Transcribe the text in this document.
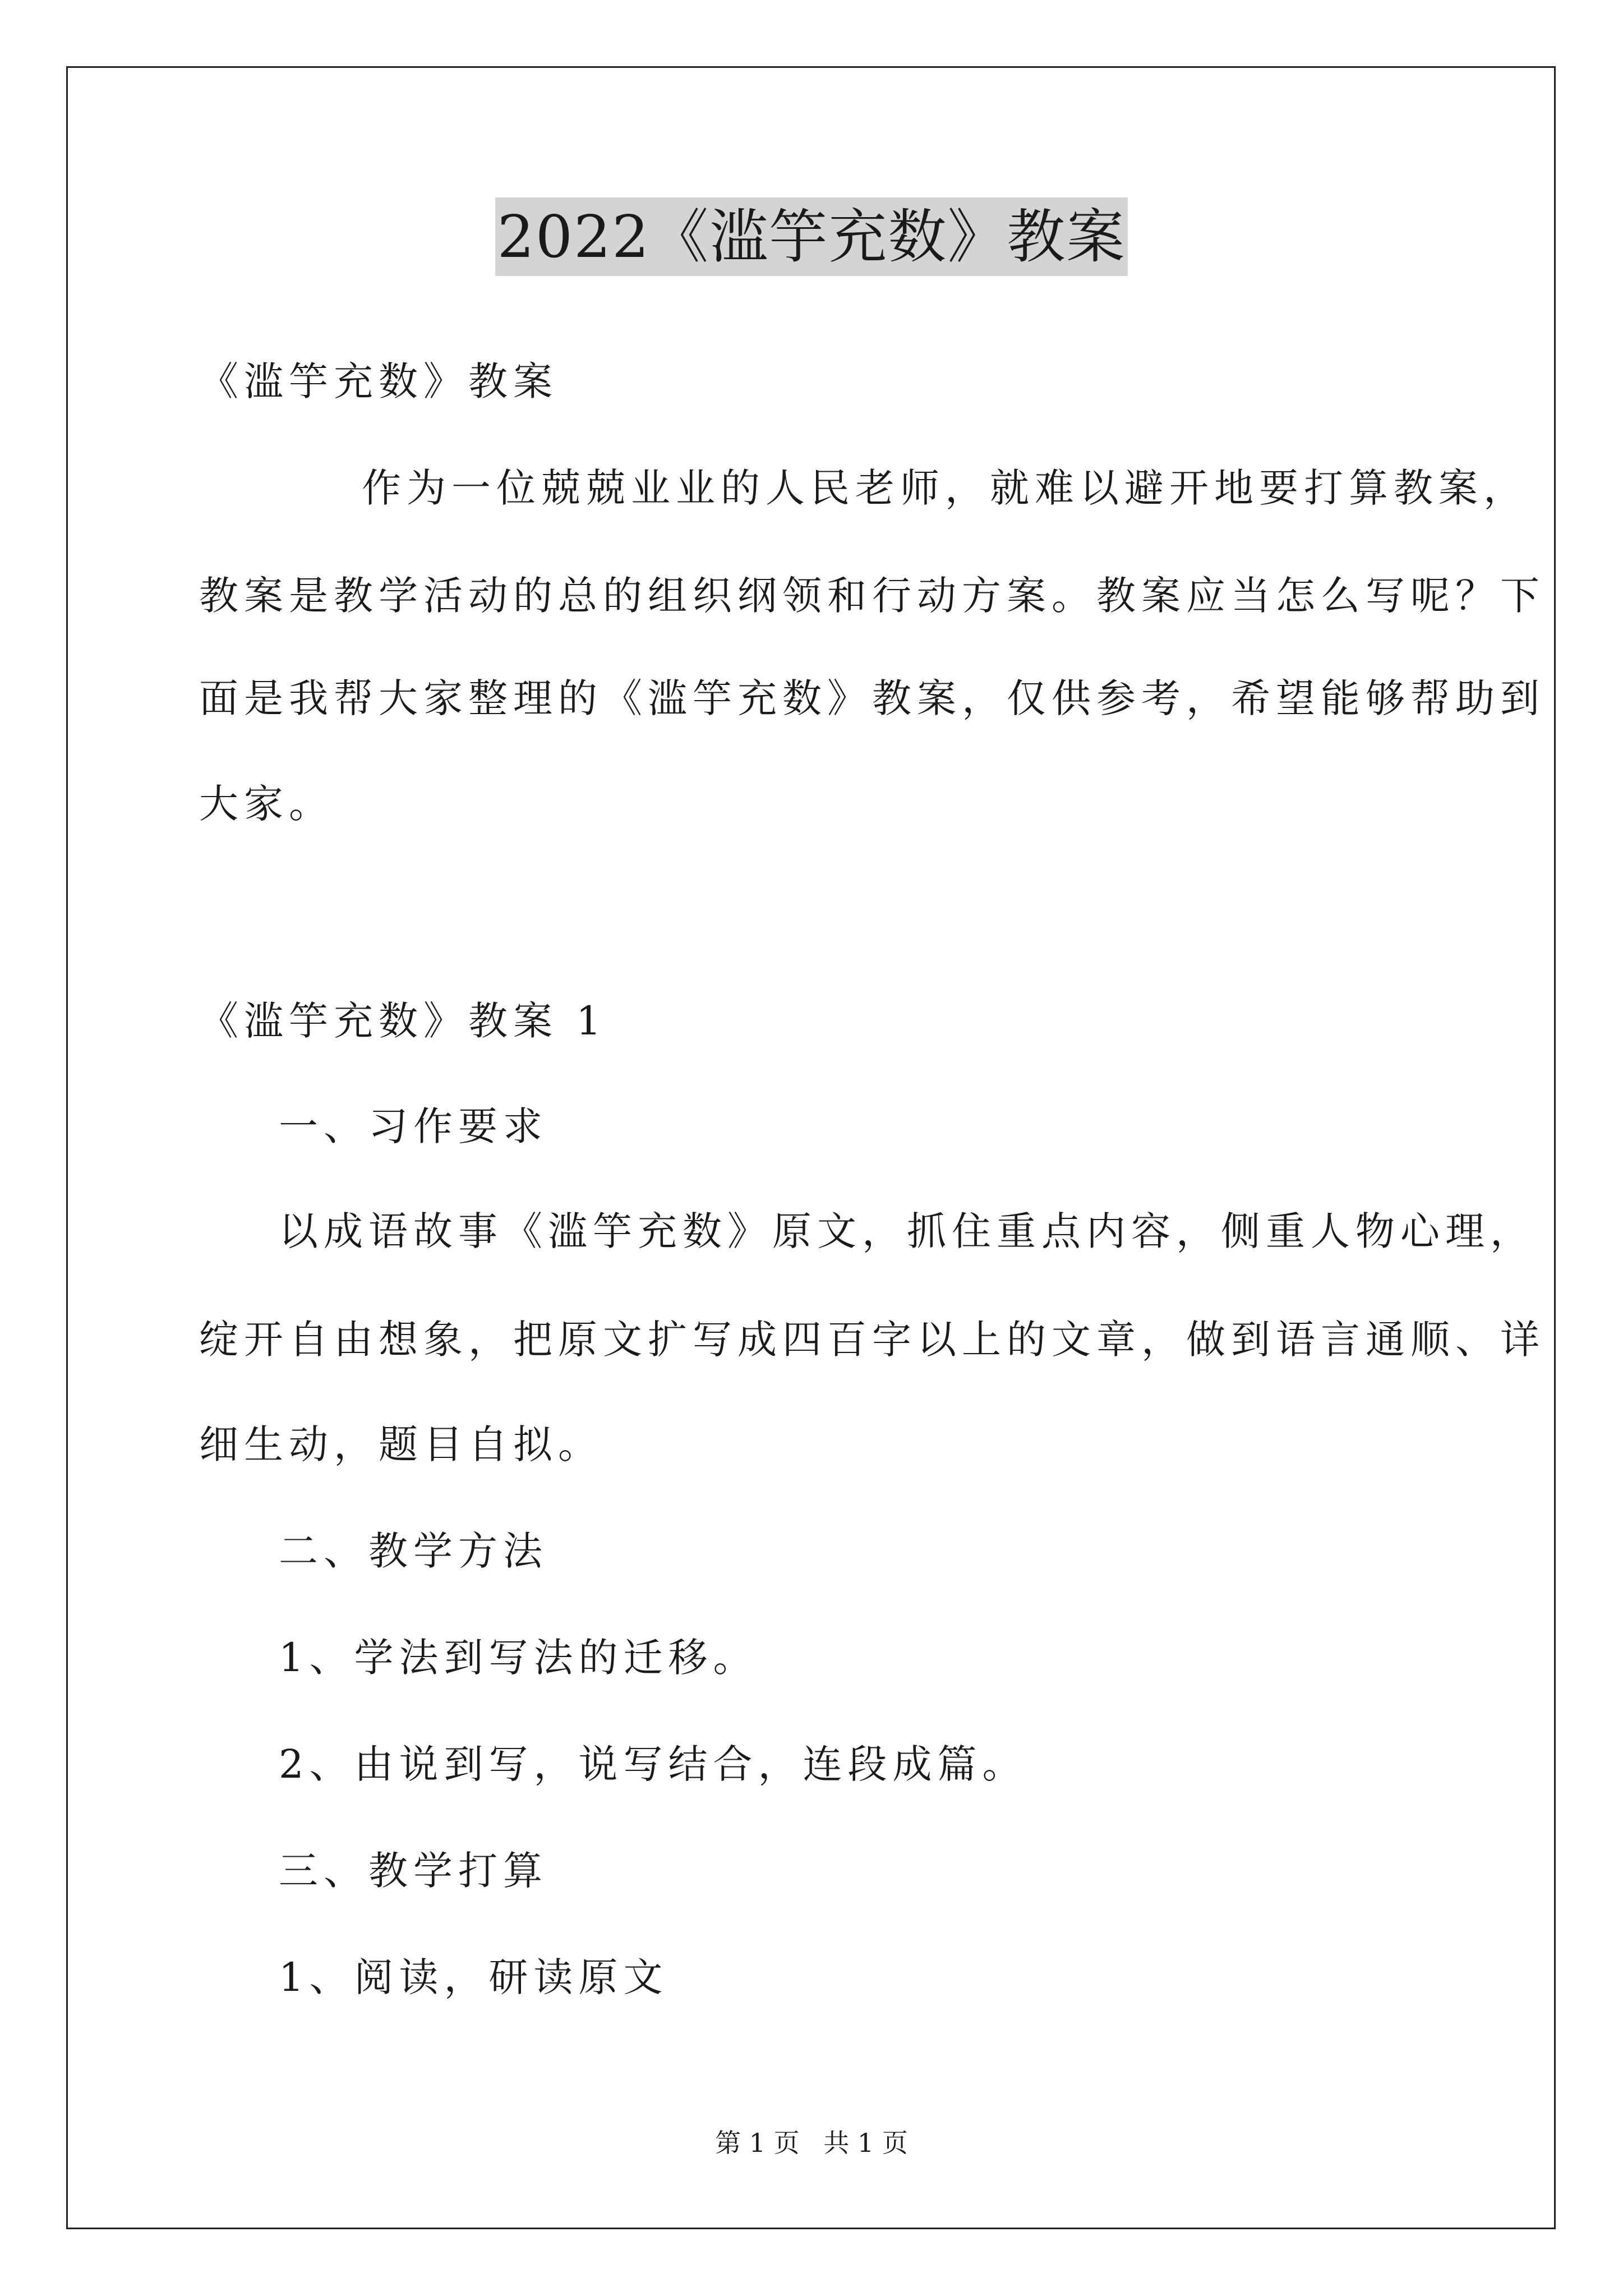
2022《滥竽充数》教案
《滥竽充数》教案
作为一位兢兢业业的人民老师，就难以避开地要打算教案，
教案是教学活动的总的组织纲领和行动方案。教案应当怎么写呢？下
面是我帮大家整理的《滥竽充数》教案，仅供参考，希望能够帮助到
大家。
《滥竽充数》教案 1
一、习作要求
以成语故事《滥竽充数》原文，抓住重点内容，侧重人物心理，
绽开自由想象，把原文扩写成四百字以上的文章，做到语言通顺、详
细生动，题目自拟。
二、教学方法
1、学法到写法的迁移。
2、由说到写，说写结合，连段成篇。
三、教学打算
1、阅读，研读原文
第 1 页 共 1 页
